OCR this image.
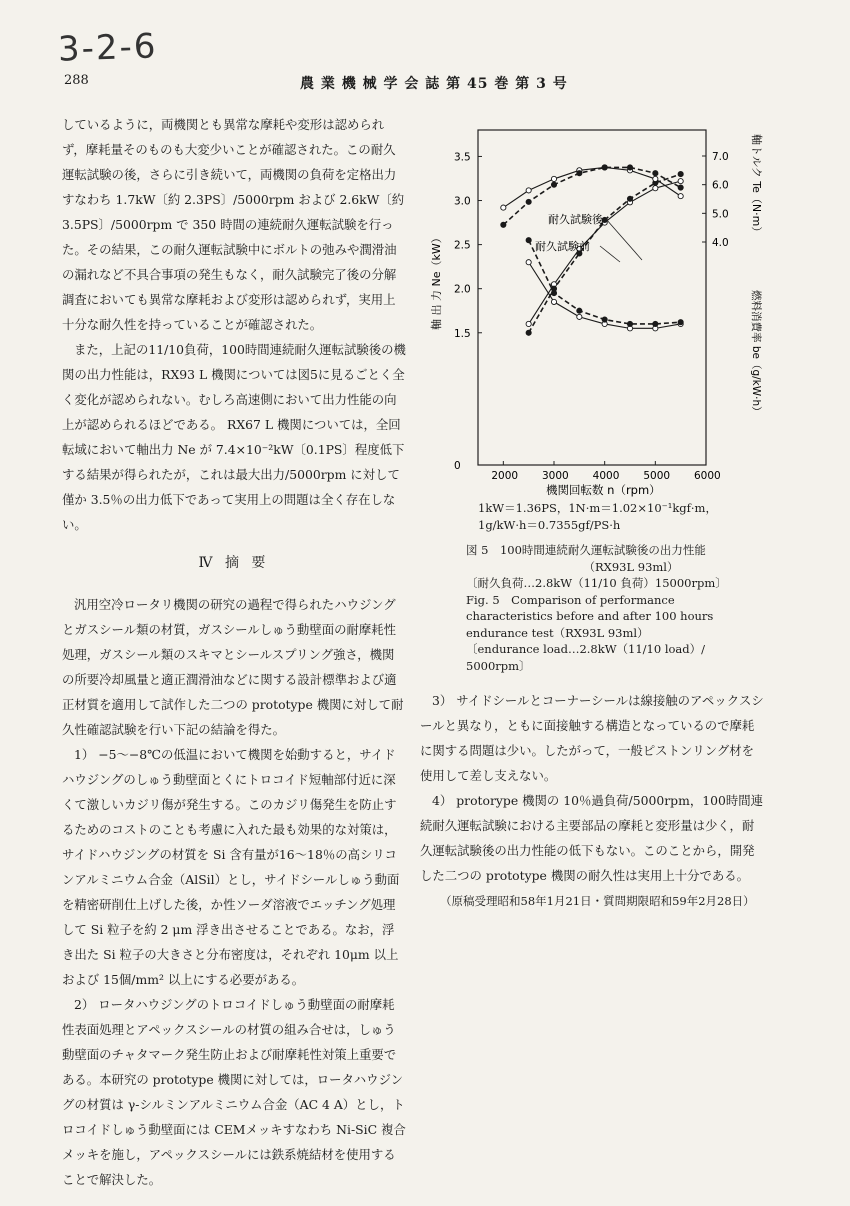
3-2-6
288	農 業 機 械 学 会 誌 第 45 巻 第 3 号

しているように，両機関とも異常な摩耗や変形は認められず，摩耗量そのものも大変少いことが確認された。この耐久運転試験の後，さらに引き続いて，両機関の負荷を定格出力すなわち 1.7kW〔約 2.3PS〕/5000rpm および 2.6kW〔約3.5PS〕/5000rpm で 350 時間の連続耐久運転試験を行った。その結果，この耐久運転試験中にボルトの弛みや潤滑油の漏れなど不具合事項の発生もなく，耐久試験完了後の分解調査においても異常な摩耗および変形は認められず，実用上十分な耐久性を持っていることが確認された。

また，上記の11/10負荷，100時間連続耐久運転試験後の機関の出力性能は，RX93 L 機関については図5に見るごとく全く変化が認められない。むしろ高速側において出力性能の向上が認められるほどである。 RX67 L 機関については，全回転域において軸出力 Ne が 7.4×10⁻²kW〔0.1PS〕程度低下する結果が得られたが，これは最大出力/5000rpm に対して僅か 3.5％の出力低下であって実用上の問題は全く存在しない。

Ⅳ 摘 要

汎用空冷ロータリ機関の研究の過程で得られたハウジングとガスシール類の材質，ガスシールしゅう動壁面の耐摩耗性処理，ガスシール類のスキマとシールスプリング強さ，機関の所要冷却風量と適正潤滑油などに関する設計標準および適正材質を適用して試作した二つの prototype 機関に対して耐久性確認試験を行い下記の結論を得た。

1） −5〜−8℃の低温において機関を始動すると，サイドハウジングのしゅう動壁面とくにトロコイド短軸部付近に深くて激しいカジリ傷が発生する。このカジリ傷発生を防止するためのコストのことも考慮に入れた最も効果的な対策は，サイドハウジングの材質を Si 含有量が16〜18％の高シリコンアルミニウム合金（AlSil）とし，サイドシールしゅう動面を精密研削仕上げした後，か性ソーダ溶液でエッチング処理して Si 粒子を約 2 μm 浮き出させることである。なお，浮き出た Si 粒子の大きさと分布密度は，それぞれ 10μm 以上および 15個/mm² 以上にする必要がある。

2） ロータハウジングのトロコイドしゅう動壁面の耐摩耗性表面処理とアペックスシールの材質の組み合せは，しゅう動壁面のチャタマーク発生防止および耐摩耗性対策上重要である。本研究の prototype 機関に対しては，ロータハウジングの材質は γ-シルミンアルミニウム合金（AC 4 A）とし，トロコイドしゅう動壁面には CEMメッキすなわち Ni-SiC 複合メッキを施し，アペックスシールには鉄系焼結材を使用することで解決した。

2000 3000 4000 5000 6000
0
1.5
2.0
2.5
3.0
3.5
4.0
5.0
6.0
7.0
軸 出 力 Ne（kW）
軸トルク Te（N·m）
燃料消費率 be（g/kW·h）
機関回転数 n（rpm）
耐久試験後
耐久試験前
1kW＝1.36PS，1N·m＝1.02×10⁻¹kgf·m，
1g/kW·h＝0.7355gf/PS·h
図 5　100時間連続耐久運転試験後の出力性能
（RX93L 93ml）
〔耐久負荷…2.8kW（11/10 負荷）15000rpm〕
Fig. 5　Comparison of performance
characteristics before and after 100 hours
endurance test（RX93L 93ml）
〔endurance load…2.8kW（11/10 load）/
5000rpm〕

3） サイドシールとコーナーシールは線接触のアペックスシールと異なり，ともに面接触する構造となっているので摩耗に関する問題は少い。したがって，一般ピストンリング材を使用して差し支えない。

4） protorype 機関の 10％過負荷/5000rpm，100時間連続耐久運転試験における主要部品の摩耗と変形量は少く，耐久運転試験後の出力性能の低下もない。このことから，開発した二つの prototype 機関の耐久性は実用上十分である。

（原稿受理昭和58年1月21日・質問期限昭和59年2月28日）
